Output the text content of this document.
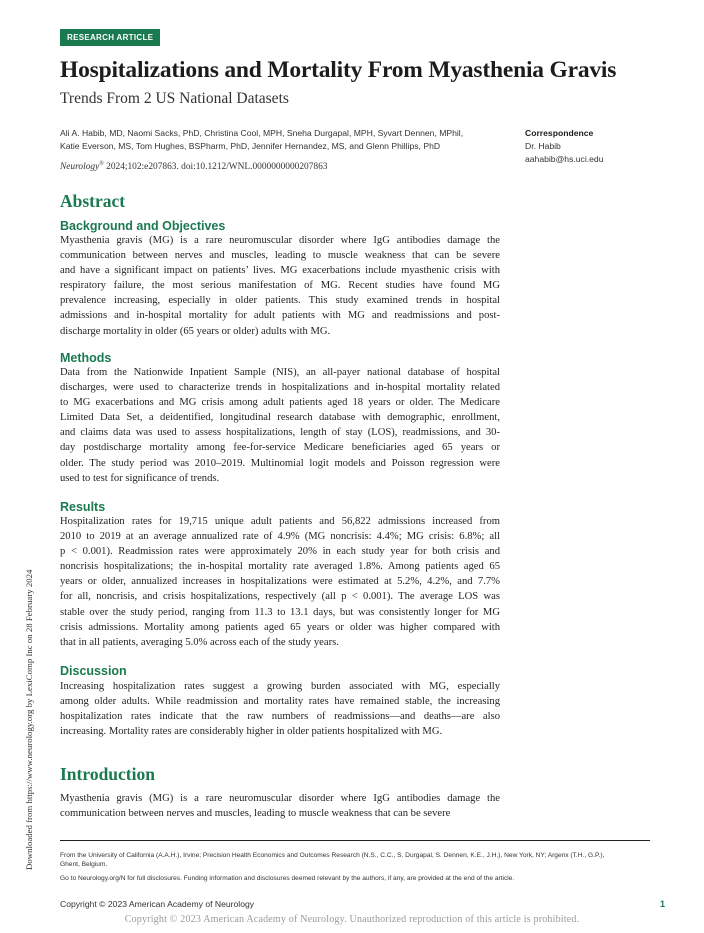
RESEARCH ARTICLE
Hospitalizations and Mortality From Myasthenia Gravis
Trends From 2 US National Datasets
Ali A. Habib, MD, Naomi Sacks, PhD, Christina Cool, MPH, Sneha Durgapal, MPH, Syvart Dennen, MPhil,
Katie Everson, MS, Tom Hughes, BSPharm, PhD, Jennifer Hernandez, MS, and Glenn Phillips, PhD
Neurology® 2024;102:e207863. doi:10.1212/WNL.0000000000207863
Correspondence
Dr. Habib
aahabib@hs.uci.edu
Abstract
Background and Objectives
Myasthenia gravis (MG) is a rare neuromuscular disorder where IgG antibodies damage the
communication between nerves and muscles, leading to muscle weakness that can be severe
and have a significant impact on patients’ lives. MG exacerbations include myasthenic crisis with
respiratory failure, the most serious manifestation of MG. Recent studies have found MG
prevalence increasing, especially in older patients. This study examined trends in hospital
admissions and in-hospital mortality for adult patients with MG and readmissions and post-
discharge mortality in older (65 years or older) adults with MG.
Methods
Data from the Nationwide Inpatient Sample (NIS), an all-payer national database of hospital
discharges, were used to characterize trends in hospitalizations and in-hospital mortality related
to MG exacerbations and MG crisis among adult patients aged 18 years or older. The Medicare
Limited Data Set, a deidentified, longitudinal research database with demographic, enrollment,
and claims data was used to assess hospitalizations, length of stay (LOS), readmissions, and 30-
day postdischarge mortality among fee-for-service Medicare beneficiaries aged 65 years or
older. The study period was 2010–2019. Multinomial logit models and Poisson regression were
used to test for significance of trends.
Results
Hospitalization rates for 19,715 unique adult patients and 56,822 admissions increased from
2010 to 2019 at an average annualized rate of 4.9% (MG noncrisis: 4.4%; MG crisis: 6.8%; all
p < 0.001). Readmission rates were approximately 20% in each study year for both crisis and
noncrisis hospitalizations; the in-hospital mortality rate averaged 1.8%. Among patients aged 65
years or older, annualized increases in hospitalizations were estimated at 5.2%, 4.2%, and 7.7%
for all, noncrisis, and crisis hospitalizations, respectively (all p < 0.001). The average LOS was
stable over the study period, ranging from 11.3 to 13.1 days, but was consistently longer for MG
crisis admissions. Mortality among patients aged 65 years or older was higher compared with
that in all patients, averaging 5.0% across each of the study years.
Discussion
Increasing hospitalization rates suggest a growing burden associated with MG, especially
among older adults. While readmission and mortality rates have remained stable, the increasing
hospitalization rates indicate that the raw numbers of readmissions—and deaths—are also
increasing. Mortality rates are considerably higher in older patients hospitalized with MG.
Introduction
Myasthenia gravis (MG) is a rare neuromuscular disorder where IgG antibodies damage the
communication between nerves and muscles, leading to muscle weakness that can be severe
From the University of California (A.A.H.), Irvine; Precision Health Economics and Outcomes Research (N.S., C.C., S. Durgapal, S. Dennen, K.E., J.H.), New York, NY; Argenx (T.H., G.P.),
Ghent, Belgium.
Go to Neurology.org/N for full disclosures. Funding information and disclosures deemed relevant by the authors, if any, are provided at the end of the article.
Copyright © 2023 American Academy of Neurology	1
Copyright © 2023 American Academy of Neurology. Unauthorized reproduction of this article is prohibited.
Downloaded from https://www.neurology.org by LexiComp Inc on 28 February 2024
